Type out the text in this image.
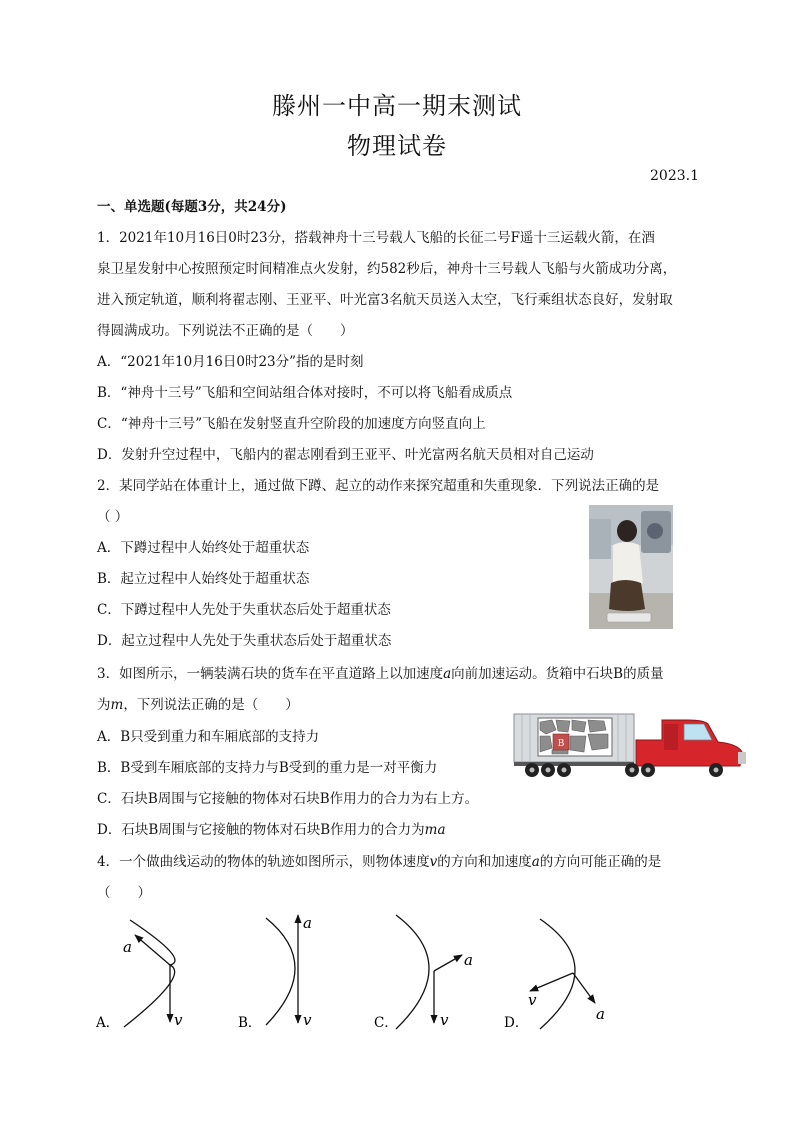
滕州一中高一期末测试
物理试卷
2023.1
一、单选题(每题3分，共24分)
1．2021年10月16日0时23分，搭载神舟十三号载人飞船的长征二号F遥十三运载火箭，在酒
泉卫星发射中心按照预定时间精准点火发射，约582秒后，神舟十三号载人飞船与火箭成功分离，
进入预定轨道，顺利将翟志刚、王亚平、叶光富3名航天员送入太空，飞行乘组状态良好，发射取
得圆满成功。下列说法不正确的是（　　）
A．“2021年10月16日0时23分”指的是时刻
B．“神舟十三号”飞船和空间站组合体对接时，不可以将飞船看成质点
C．“神舟十三号”飞船在发射竖直升空阶段的加速度方向竖直向上
D．发射升空过程中，飞船内的翟志刚看到王亚平、叶光富两名航天员相对自己运动
2．某同学站在体重计上，通过做下蹲、起立的动作来探究超重和失重现象．下列说法正确的是
（ ）
A．下蹲过程中人始终处于超重状态
B．起立过程中人始终处于超重状态
C．下蹲过程中人先处于失重状态后处于超重状态
D．起立过程中人先处于失重状态后处于超重状态
3．如图所示，一辆装满石块的货车在平直道路上以加速度a向前加速运动。货箱中石块B的质量
为m，下列说法正确的是（　　）
A．B只受到重力和车厢底部的支持力
B．B受到车厢底部的支持力与B受到的重力是一对平衡力
C．石块B周围与它接触的物体对石块B作用力的合力为右上方。
D．石块B周围与它接触的物体对石块B作用力的合力为ma
B
4．一个做曲线运动的物体的轨迹如图所示，则物体速度v的方向和加速度a的方向可能正确的是
（　　）
a
v
A．
a
v
B．
a
v
C．
v
a
D．
